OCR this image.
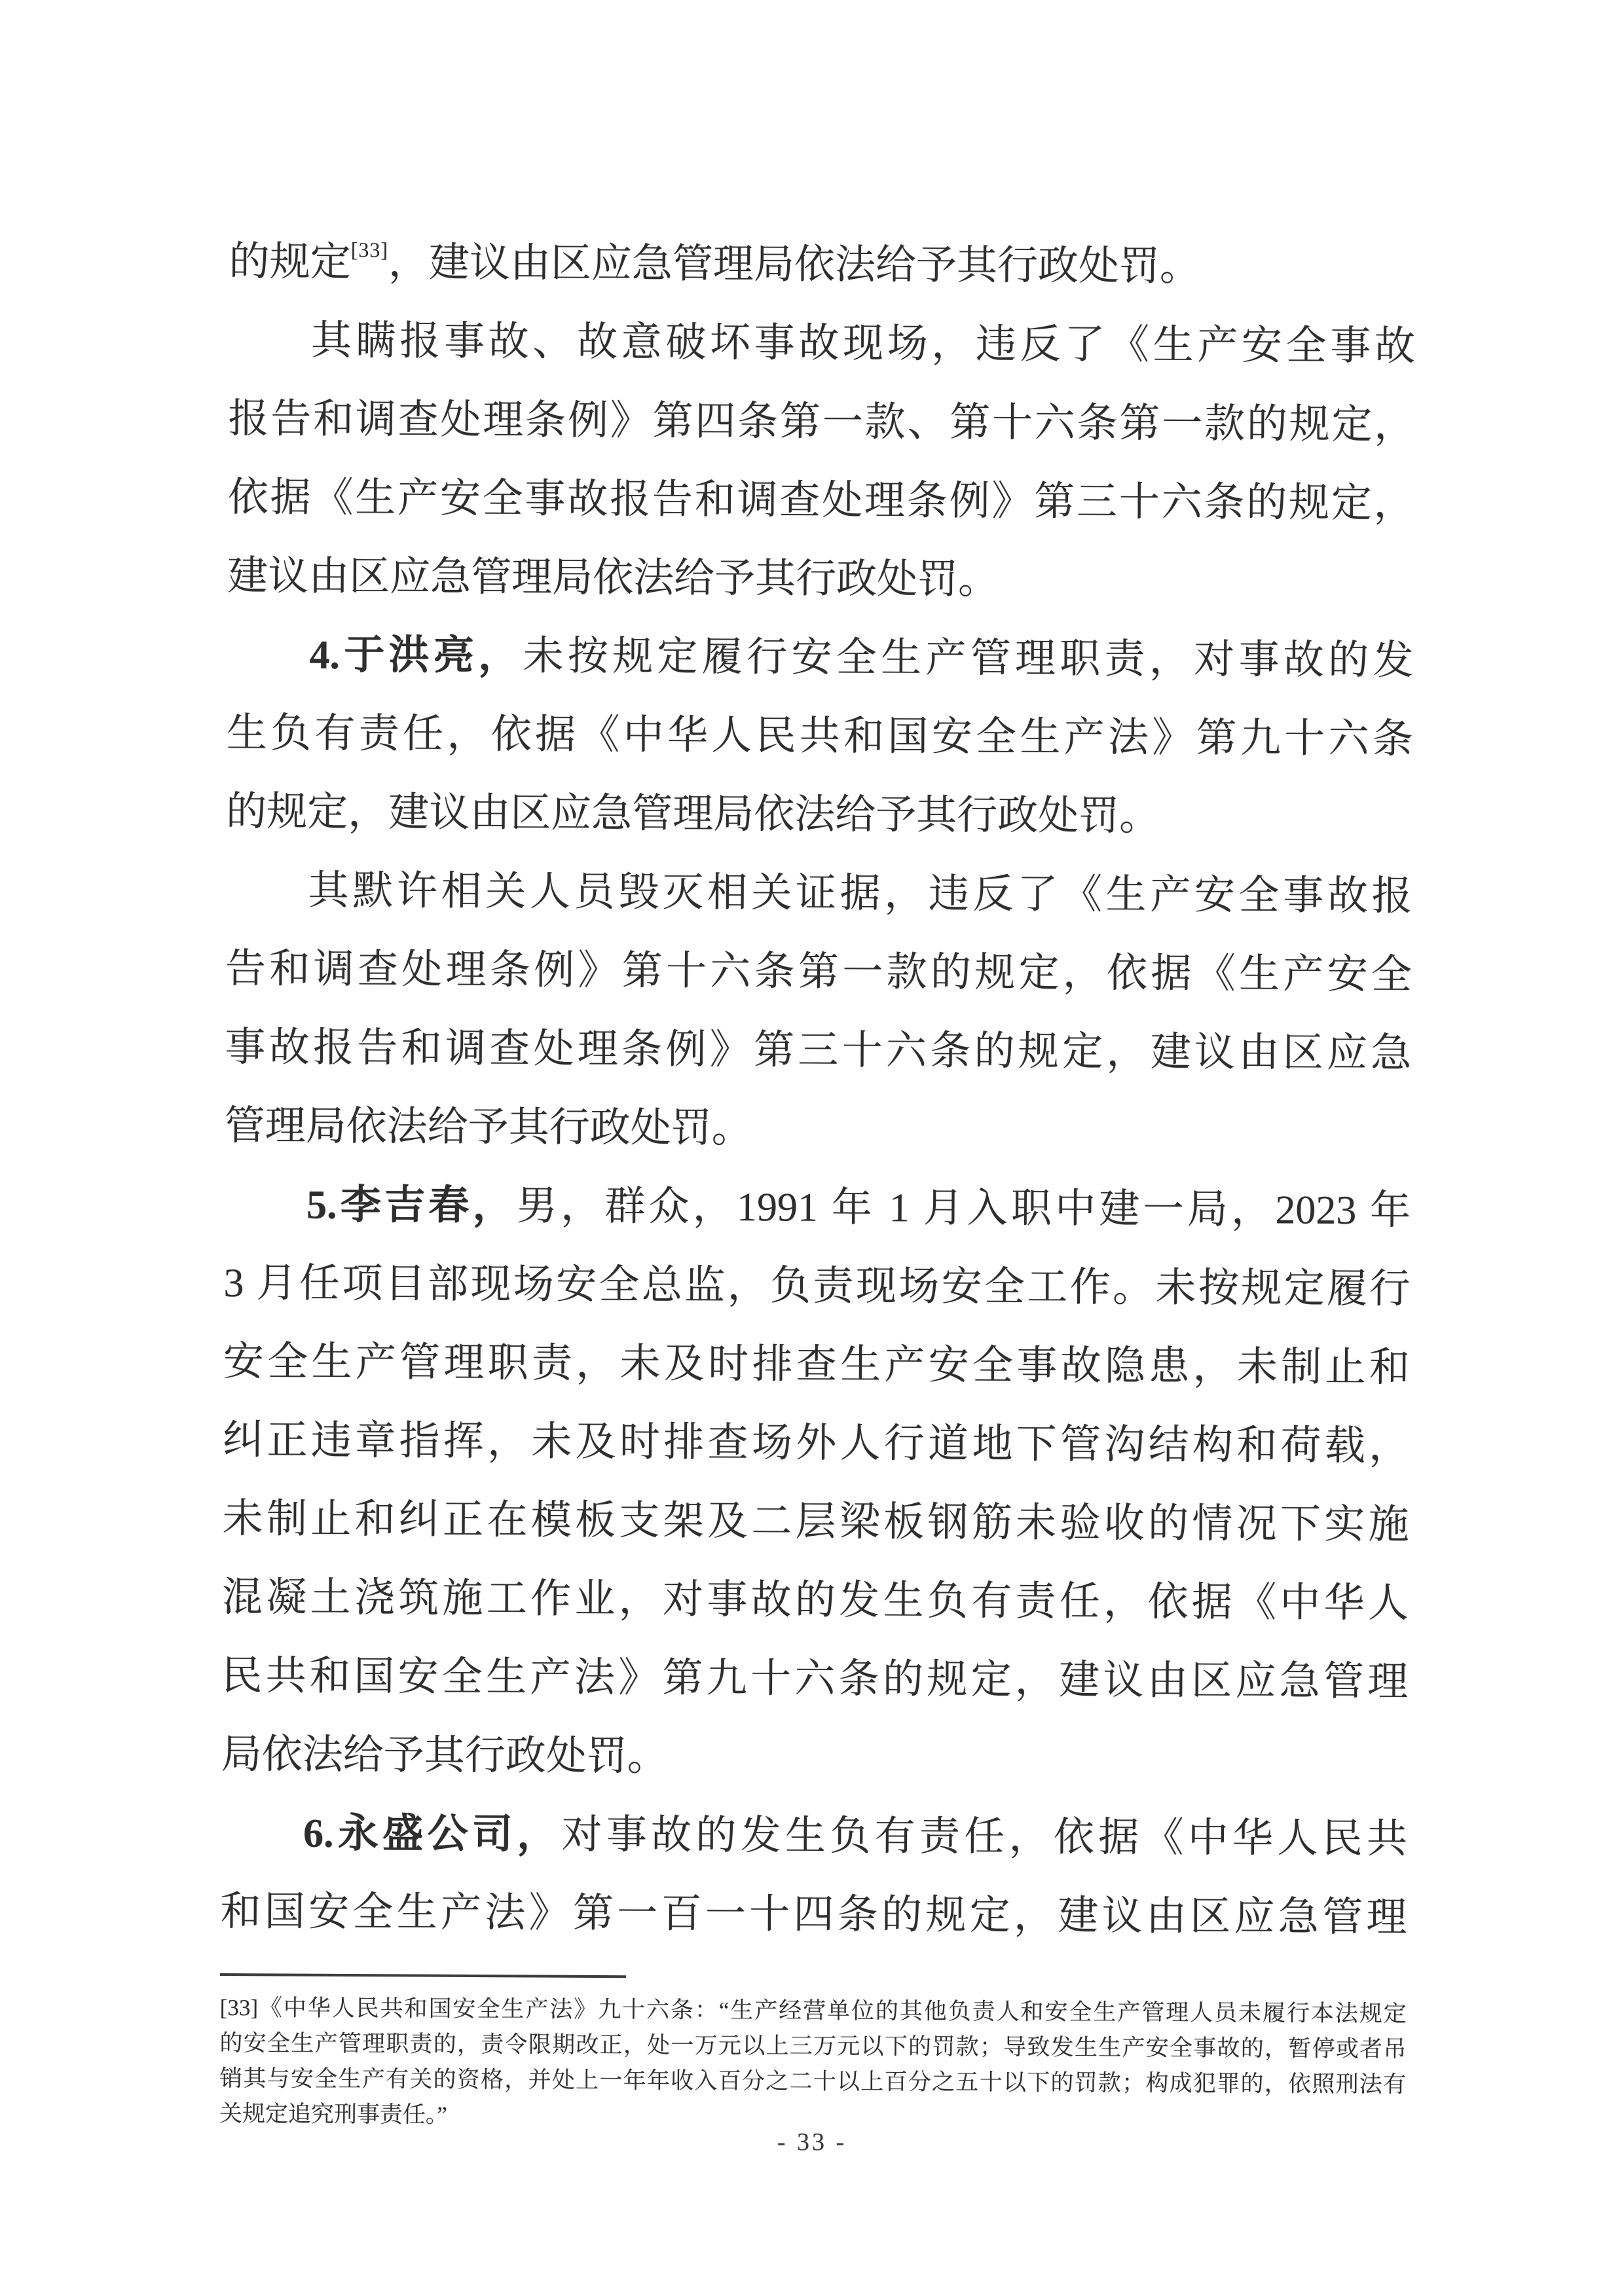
的规定[33]，建议由区应急管理局依法给予其行政处罚。
其瞒报事故、故意破坏事故现场，违反了《生产安全事故
报告和调查处理条例》第四条第一款、第十六条第一款的规定，
依据《生产安全事故报告和调查处理条例》第三十六条的规定，
建议由区应急管理局依法给予其行政处罚。
4.于洪亮，未按规定履行安全生产管理职责，对事故的发
生负有责任，依据《中华人民共和国安全生产法》第九十六条
的规定，建议由区应急管理局依法给予其行政处罚。
其默许相关人员毁灭相关证据，违反了《生产安全事故报
告和调查处理条例》第十六条第一款的规定，依据《生产安全
事故报告和调查处理条例》第三十六条的规定，建议由区应急
管理局依法给予其行政处罚。
5.李吉春，男，群众，1991 年 1 月入职中建一局，2023 年
3 月任项目部现场安全总监，负责现场安全工作。未按规定履行
安全生产管理职责，未及时排查生产安全事故隐患，未制止和
纠正违章指挥，未及时排查场外人行道地下管沟结构和荷载，
未制止和纠正在模板支架及二层梁板钢筋未验收的情况下实施
混凝土浇筑施工作业，对事故的发生负有责任，依据《中华人
民共和国安全生产法》第九十六条的规定，建议由区应急管理
局依法给予其行政处罚。
6.永盛公司，对事故的发生负有责任，依据《中华人民共
和国安全生产法》第一百一十四条的规定，建议由区应急管理
[33]《中华人民共和国安全生产法》九十六条：“生产经营单位的其他负责人和安全生产管理人员未履行本法规定
的安全生产管理职责的，责令限期改正，处一万元以上三万元以下的罚款；导致发生生产安全事故的，暂停或者吊
销其与安全生产有关的资格，并处上一年年收入百分之二十以上百分之五十以下的罚款；构成犯罪的，依照刑法有
关规定追究刑事责任。”
- 33 -
